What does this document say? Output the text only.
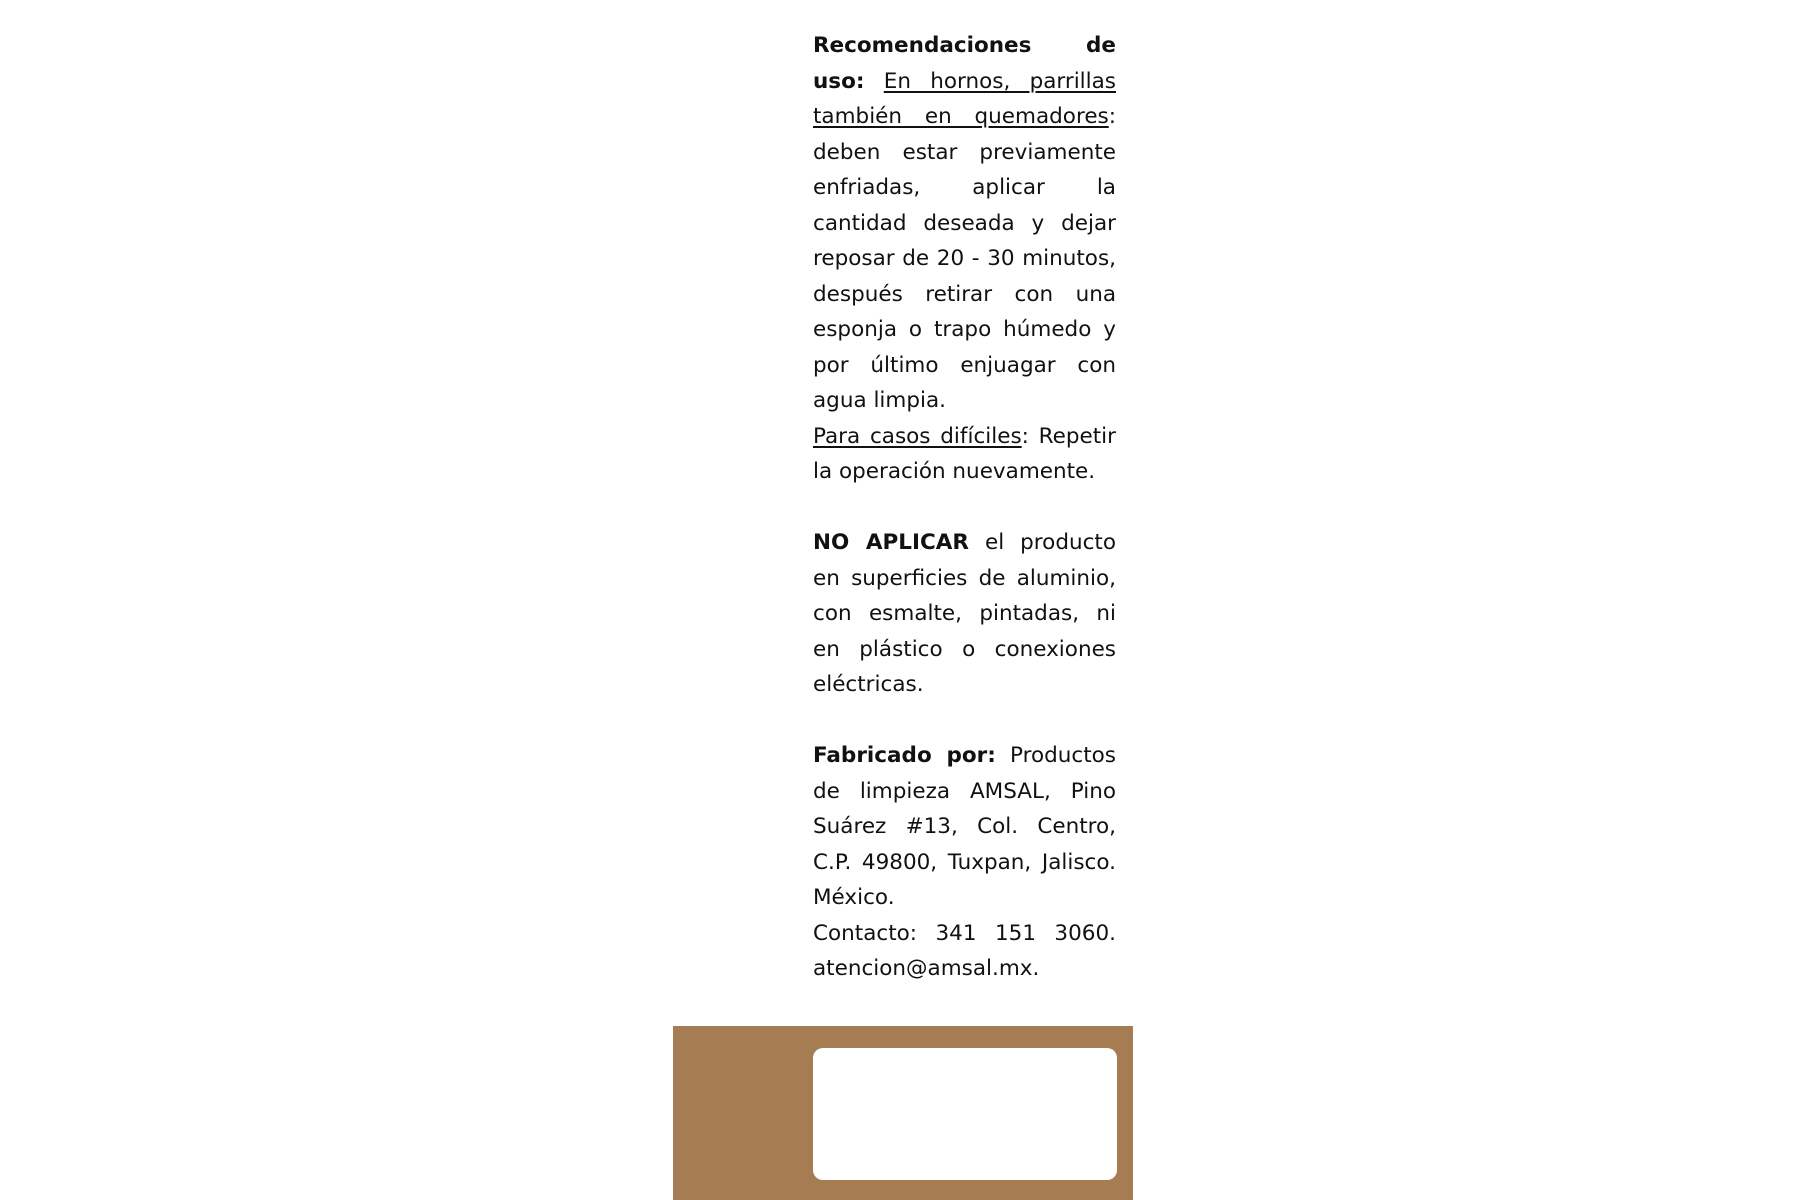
Recomendaciones de uso: En hornos, parrillas también en quemadores: deben estar previamente enfriadas, aplicar la cantidad deseada y dejar reposar de 20 - 30 minutos, después retirar con una esponja o trapo húmedo y por último enjuagar con agua limpia.

Para casos difíciles: Repetir la operación nuevamente.

NO APLICAR el producto en superficies de aluminio, con esmalte, pintadas, ni en plástico o conexiones eléctricas.

Fabricado por: Productos de limpieza AMSAL, Pino Suárez #13, Col. Centro, C.P. 49800, Tuxpan, Jalisco. México.

Contacto: 341 151 3060. atencion@amsal.mx.
